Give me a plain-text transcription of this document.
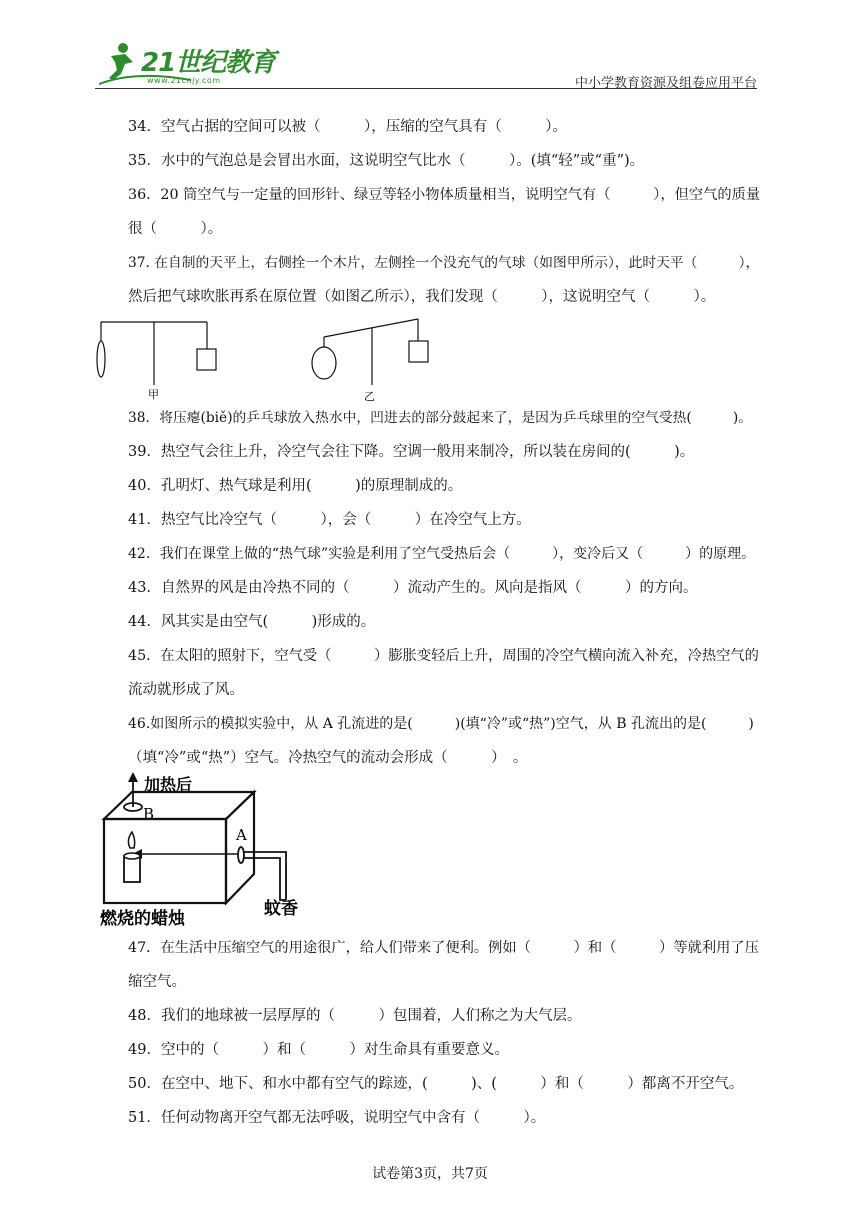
21世纪教育
www.21cnjy.com	中小学教育资源及组卷应用平台
34．空气占据的空间可以被（　　　），压缩的空气具有（　　　）。
35．水中的气泡总是会冒出水面，这说明空气比水（　　　）。(填“轻”或“重”)。
36．20 筒空气与一定量的回形针、绿豆等轻小物体质量相当，说明空气有（　　　），但空气的质量
很（　　　）。
37. 在自制的天平上，右侧拴一个木片，左侧拴一个没充气的气球（如图甲所示），此时天平（　　　），
然后把气球吹胀再系在原位置（如图乙所示），我们发现（　　　），这说明空气（　　　）。
甲	乙
38．将压瘪(biě)的乒乓球放入热水中，凹进去的部分鼓起来了，是因为乒乓球里的空气受热(　　　)。
39．热空气会往上升，冷空气会往下降。空调一般用来制冷，所以装在房间的(　　　)。
40．孔明灯、热气球是利用(　　　)的原理制成的。
41．热空气比冷空气（　　　），会（　　　）在冷空气上方。
42．我们在课堂上做的“热气球”实验是利用了空气受热后会（　　　），变冷后又（　　　）的原理。
43．自然界的风是由冷热不同的（　　　）流动产生的。风向是指风（　　　）的方向。
44．风其实是由空气(　　　)形成的。
45．在太阳的照射下，空气受（　　　）膨胀变轻后上升，周围的冷空气横向流入补充，冷热空气的
流动就形成了风。
46.如图所示的模拟实验中，从 A 孔流进的是(　　　)(填“冷”或“热”)空气，从 B 孔流出的是(　　　)
（填“冷”或“热”）空气。冷热空气的流动会形成（　　　）　。
B
加热后
A
燃烧的蜡烛	蚊香
47．在生活中压缩空气的用途很广，给人们带来了便利。例如（　　　）和（　　　）等就利用了压
缩空气。
48．我们的地球被一层厚厚的（　　　）包围着，人们称之为大气层。
49．空中的（　　　）和（　　　）对生命具有重要意义。
50．在空中、地下、和水中都有空气的踪迹，(　　　)、(　　　）和（　　　）都离不开空气。
51．任何动物离开空气都无法呼吸，说明空气中含有（　　　）。
试卷第3页，共7页
